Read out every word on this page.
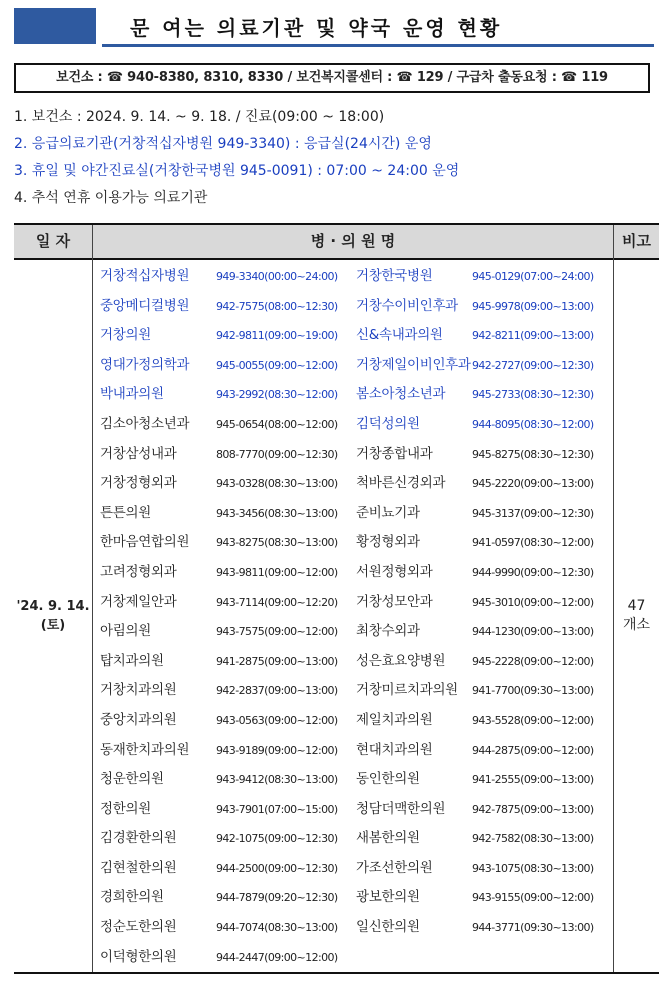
문 여는 의료기관 및 약국 운영 현황
보건소 : ☎ 940-8380, 8310, 8330 / 보건복지콜센터 : ☎ 129 / 구급차 출동요청 : ☎ 119
1. 보건소 : 2024. 9. 14. ~ 9. 18. / 진료(09:00 ~ 18:00)
2. 응급의료기관(거창적십자병원 949-3340) : 응급실(24시간) 운영
3. 휴일 및 야간진료실(거창한국병원 945-0091) : 07:00 ~ 24:00 운영
4. 추석 연휴 이용가능 의료기관
일 자	병 · 의 원 명	비고
'24. 9. 14.
(토)
거창적십자병원 949-3340(00:00~24:00) 거창한국병원	945-0129(07:00~24:00)
중앙메디컬병원 942-7575(08:00~12:30) 거창수이비인후과 945-9978(09:00~13:00)
거창의원	942-9811(09:00~19:00) 신&속내과의원	942-8211(09:00~13:00)
영대가정의학과 945-0055(09:00~12:00) 거창제일이비인후과 942-2727(09:00~12:30)
박내과의원	943-2992(08:30~12:00) 봄소아청소년과 945-2733(08:30~12:30)
김소아청소년과 945-0654(08:00~12:00) 김덕성의원	944-8095(08:30~12:00)
거창삼성내과	808-7770(09:00~12:30) 거창종합내과	945-8275(08:30~12:30)
거창정형외과	943-0328(08:30~13:00) 척바른신경외과 945-2220(09:00~13:00)
튼튼의원	943-3456(08:30~13:00) 준비뇨기과	945-3137(09:00~12:30)
한마음연합의원 943-8275(08:30~13:00) 황정형외과	941-0597(08:30~12:00)
고려정형외과	943-9811(09:00~12:00) 서원정형외과	944-9990(09:00~12:30)
거창제일안과	943-7114(09:00~12:20) 거창성모안과	945-3010(09:00~12:00)
아림의원	943-7575(09:00~12:00) 최창수외과	944-1230(09:00~13:00)
탑치과의원	941-2875(09:00~13:00) 성은효요양병원 945-2228(09:00~12:00)
거창치과의원	942-2837(09:00~13:00) 거창미르치과의원 941-7700(09:30~13:00)
중앙치과의원	943-0563(09:00~12:00) 제일치과의원	943-5528(09:00~12:00)
동재한치과의원 943-9189(09:00~12:00) 현대치과의원	944-2875(09:00~12:00)
청운한의원	943-9412(08:30~13:00) 동인한의원	941-2555(09:00~13:00)
정한의원	943-7901(07:00~15:00) 청담더맥한의원 942-7875(09:00~13:00)
김경환한의원	942-1075(09:00~12:30) 새봄한의원	942-7582(08:30~13:00)
김현철한의원	944-2500(09:00~12:30) 가조선한의원	943-1075(08:30~13:00)
경희한의원	944-7879(09:20~12:30) 광보한의원	943-9155(09:00~12:00)
정순도한의원	944-7074(08:30~13:00) 일신한의원	944-3771(09:30~13:00)
이덕형한의원	944-2447(09:00~12:00)
47
개소
